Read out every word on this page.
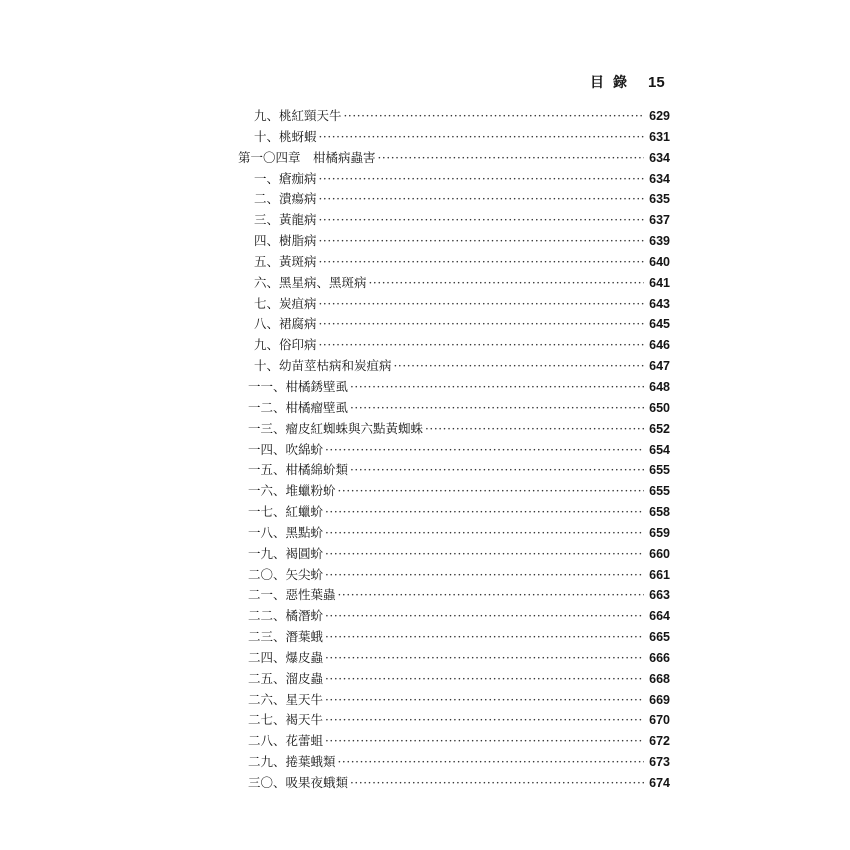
目錄 15
九、桃紅頸天牛 ·····	629
十、桃蚜蝦 ·····	631
第一〇四章　柑橘病蟲害 ·····	634
一、瘡痂病 ·····	634
二、潰瘍病 ·····	635
三、黃龍病 ·····	637
四、樹脂病 ·····	639
五、黃斑病 ·····	640
六、黑星病、黑斑病 ·····	641
七、炭疽病 ·····	643
八、裙腐病 ·····	645
九、俗印病 ·····	646
十、幼苗莖枯病和炭疽病 ·····	647
一一、柑橘銹壁虱 ·····	648
一二、柑橘瘤壁虱 ·····	650
一三、瘤皮紅蜘蛛與六點黃蜘蛛 ·····	652
一四、吹綿蚧 ·····	654
一五、柑橘綿蚧類 ·····	655
一六、堆蠟粉蚧 ·····	655
一七、紅蠟蚧 ·····	658
一八、黑點蚧 ·····	659
一九、褐圓蚧 ·····	660
二〇、矢尖蚧 ·····	661
二一、惡性葉蟲 ·····	663
二二、橘潛蚧 ·····	664
二三、潛葉蛾 ·····	665
二四、爆皮蟲 ·····	666
二五、溜皮蟲 ·····	668
二六、星天牛 ·····	669
二七、褐天牛 ·····	670
二八、花蕾蛆 ·····	672
二九、捲葉蛾類 ·····	673
三〇、吸果夜蛾類 ·····	674
